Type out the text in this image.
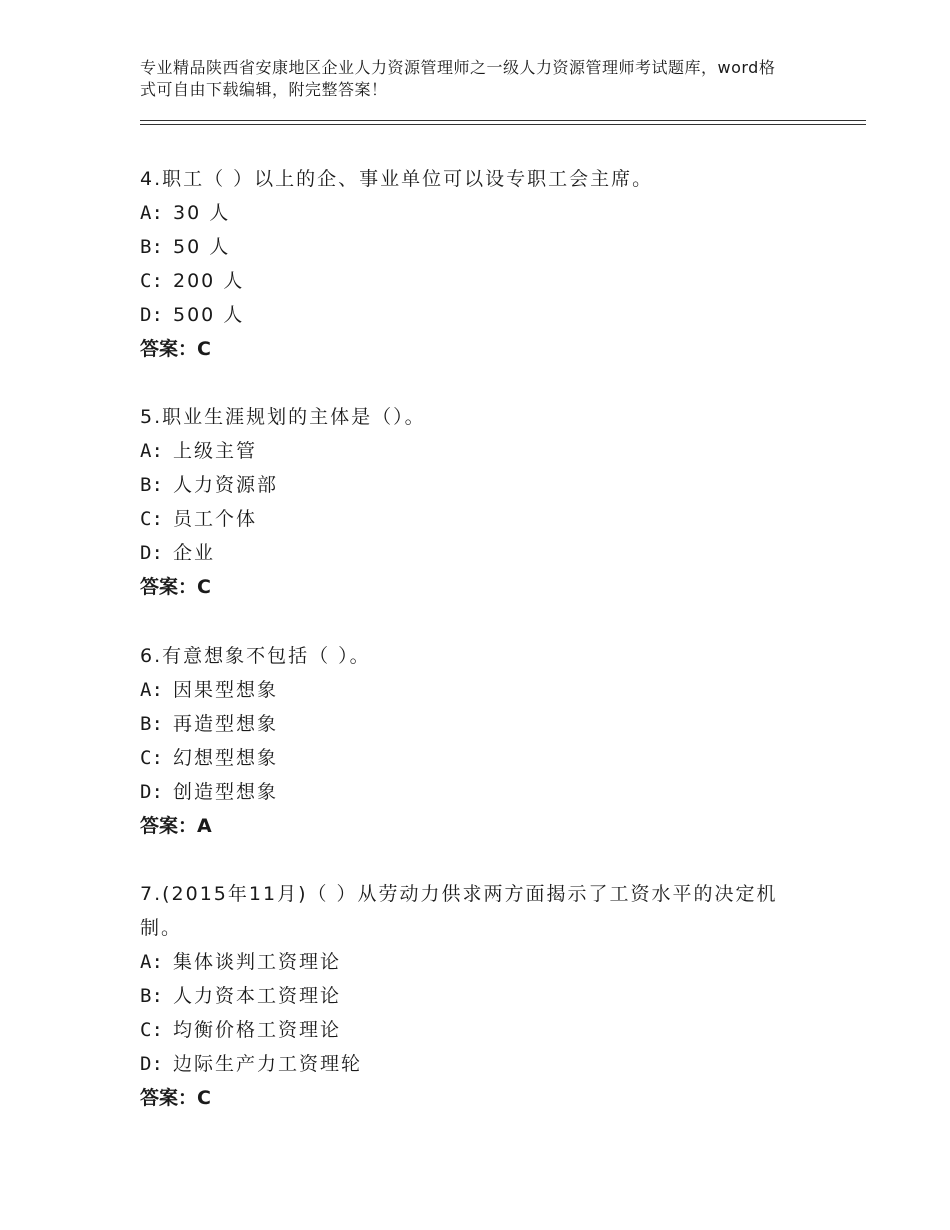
专业精品陕西省安康地区企业人力资源管理师之一级人力资源管理师考试题库，word格式可自由下载编辑，附完整答案！

4.职工（ ）以上的企、事业单位可以设专职工会主席。

A: 30 人
B: 50 人
C: 200 人
D: 500 人
答案：C

5.职业生涯规划的主体是（）。

A: 上级主管
B: 人力资源部
C: 员工个体
D: 企业
答案：C

6.有意想象不包括（ ）。

A: 因果型想象
B: 再造型想象
C: 幻想型想象
D: 创造型想象
答案：A

7.(2015年11月)（ ）从劳动力供求两方面揭示了工资水平的决定机制。

A: 集体谈判工资理论
B: 人力资本工资理论
C: 均衡价格工资理论
D: 边际生产力工资理轮
答案：C
